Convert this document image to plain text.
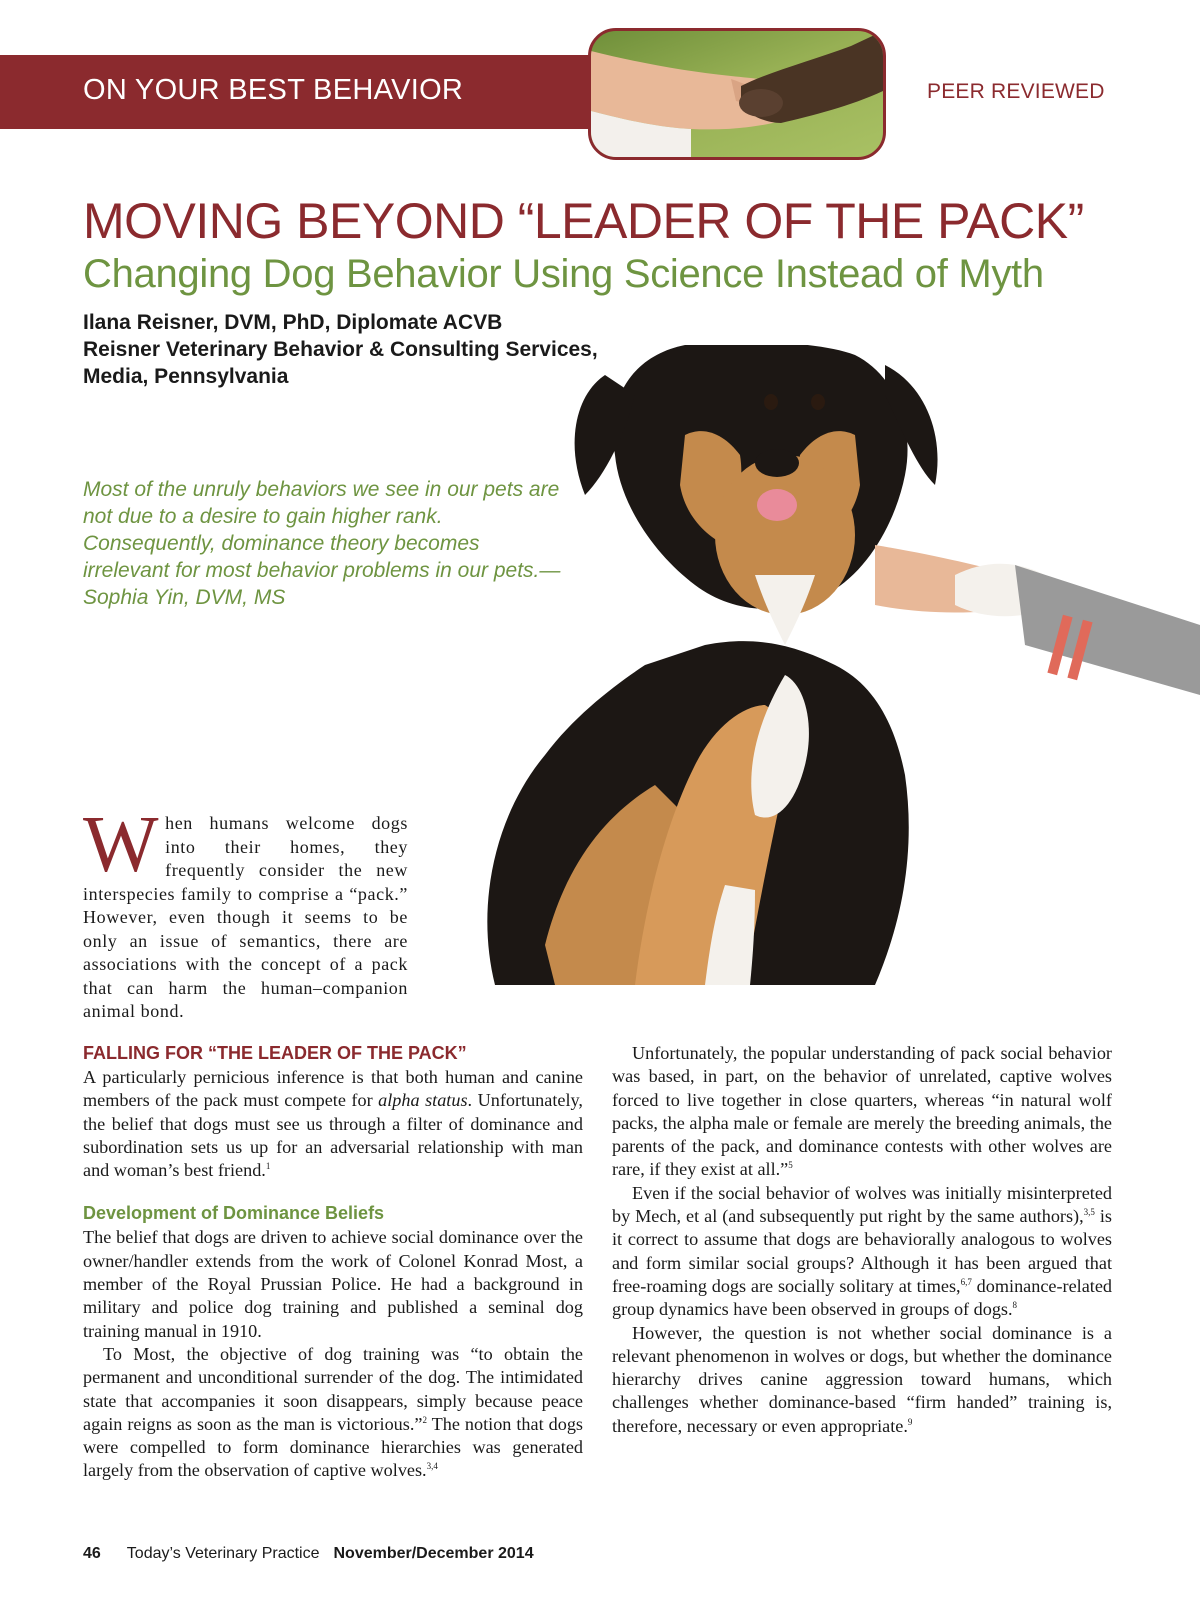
ON YOUR BEST BEHAVIOR	PEER REVIEWED
MOVING BEYOND “LEADER OF THE PACK”
Changing Dog Behavior Using Science Instead of Myth
Ilana Reisner, DVM, PhD, Diplomate ACVB
Reisner Veterinary Behavior & Consulting Services,
Media, Pennsylvania
Most of the unruly behaviors we see in our pets are not due to a desire to gain higher rank. Consequently, dominance theory becomes irrelevant for most behavior problems in our pets.—Sophia Yin, DVM, MS
When humans welcome dogs into their homes, they frequently consider the new interspecies family to comprise a “pack.” However, even though it seems to be only an issue of semantics, there are associations with the concept of a pack that can harm the human–companion animal bond.
FALLING FOR “THE LEADER OF THE PACK”

A particularly pernicious inference is that both human and canine members of the pack must compete for alpha status. Unfortunately, the belief that dogs must see us through a filter of dominance and subordination sets us up for an adversarial relationship with man and woman’s best friend.$^1$

Development of Dominance Beliefs

The belief that dogs are driven to achieve social dominance over the owner/handler extends from the work of Colonel Konrad Most, a member of the Royal Prussian Police. He had a background in military and police dog training and published a seminal dog training manual in 1910.

To Most, the objective of dog training was “to obtain the permanent and unconditional surrender of the dog. The intimidated state that accompanies it soon disappears, simply because peace again reigns as soon as the man is victorious.”$^2$ The notion that dogs were compelled to form dominance hierarchies was generated largely from the observation of captive wolves.$^{3,4}$

Unfortunately, the popular understanding of pack social behavior was based, in part, on the behavior of unrelated, captive wolves forced to live together in close quarters, whereas “in natural wolf packs, the alpha male or female are merely the breeding animals, the parents of the pack, and dominance contests with other wolves are rare, if they exist at all.”$^5$

Even if the social behavior of wolves was initially misinterpreted by Mech, et al (and subsequently put right by the same authors),$^{3,5}$ is it correct to assume that dogs are behaviorally analogous to wolves and form similar social groups? Although it has been argued that free-roaming dogs are socially solitary at times,$^{6,7}$ dominance-related group dynamics have been observed in groups of dogs.$^8$

However, the question is not whether social dominance is a relevant phenomenon in wolves or dogs, but whether the dominance hierarchy drives canine aggression toward humans, which challenges whether dominance-based “firm handed” training is, therefore, necessary or even appropriate.$^9$

46 Today’s Veterinary Practice November/December 2014
